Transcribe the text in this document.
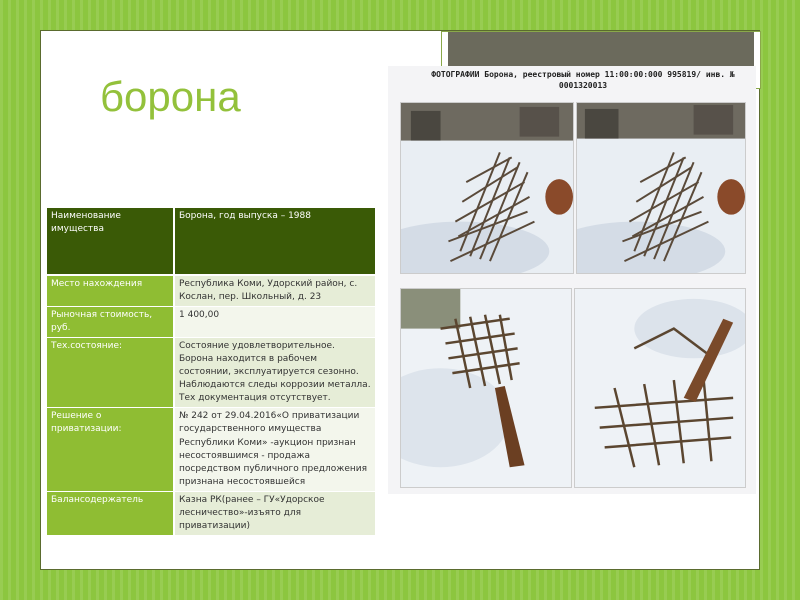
борона
Наименование имущества	Борона, год выпуска – 1988
Место нахождения	Республика Коми, Удорский район, с. Кослан, пер. Школьный, д. 23
Рыночная стоимость, руб.	1 400,00
Тех.состояние:	Состояние удовлетворительное. Борона находится в рабочем состоянии, эксплуатируется сезонно. Наблюдаются следы коррозии металла. Тех документация отсутствует.
Решение о приватизации:	№ 242 от 29.04.2016«О приватизации государственного имущества Республики Коми» -аукцион признан несостоявшимся - продажа посредством публичного предложения признана несостоявшейся
Балансодержатель	Казна РК(ранее – ГУ«Удорское лесничество»-изъято для приватизации)
ФОТОГРАФИИ Борона, реестровый номер 11:00:00:000 995819/ инв. №
0001320013
